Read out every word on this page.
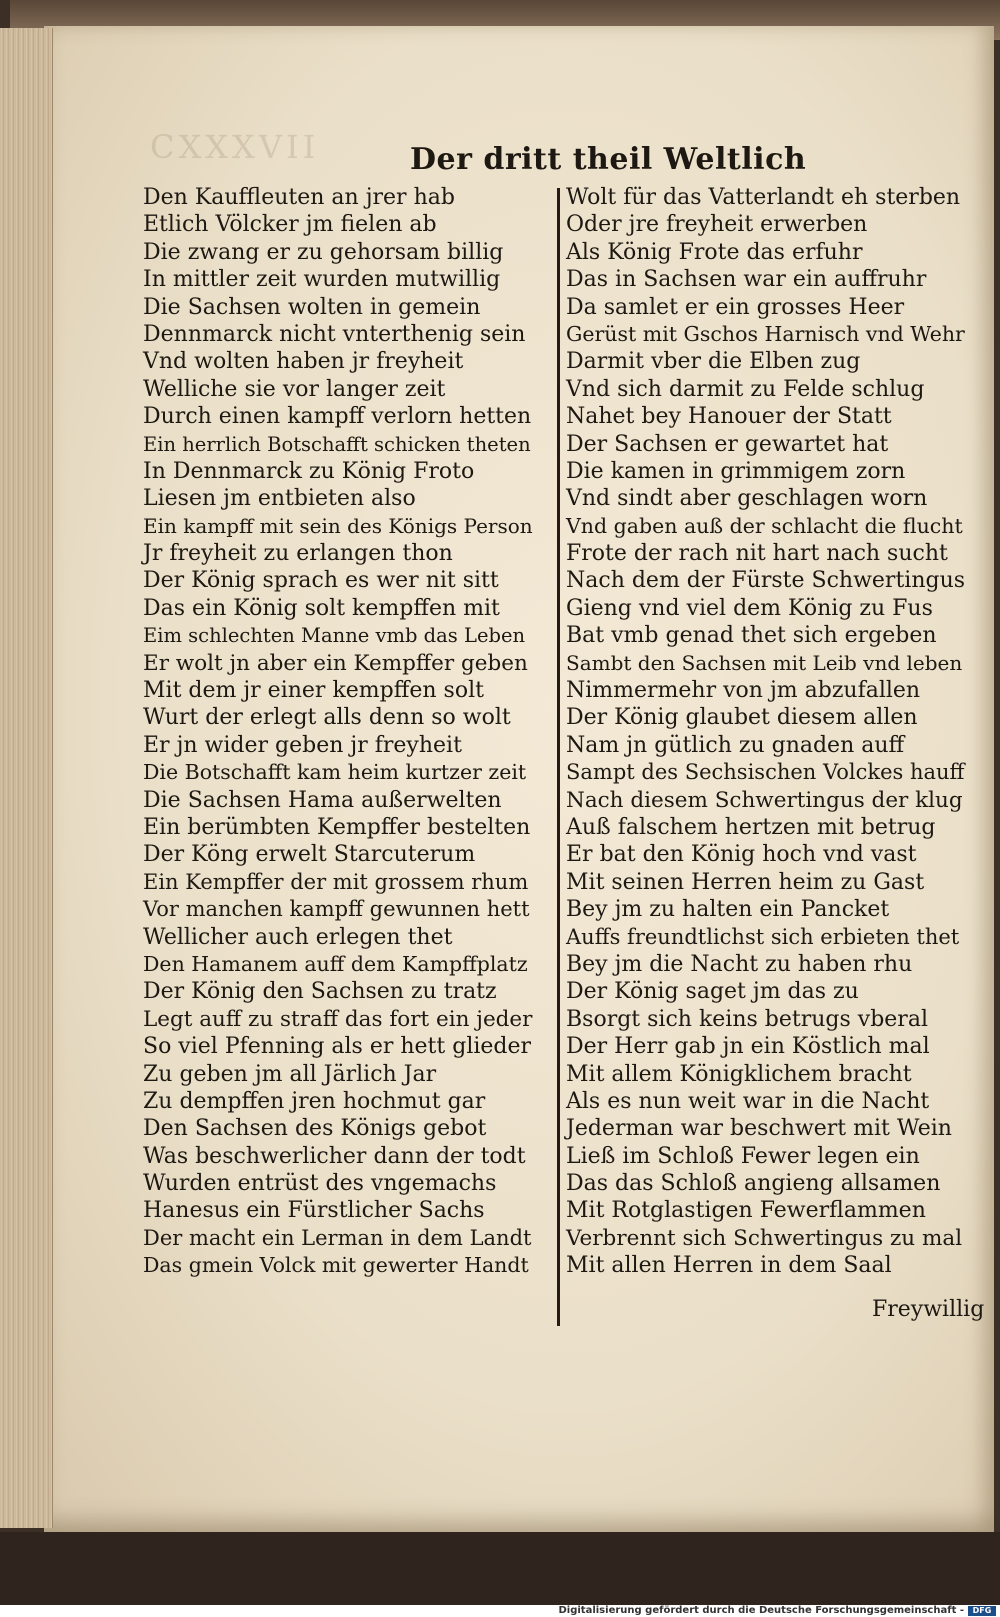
CXXXVII	Der dritt theil Weltlich
Den Kauffleuten an jrer hab
Etlich Völcker jm fielen ab
Die zwang er zu gehorsam billig
In mittler zeit wurden mutwillig
Die Sachsen wolten in gemein
Dennmarck nicht vnterthenig sein
Vnd wolten haben jr freyheit
Welliche sie vor langer zeit
Durch einen kampff verlorn hetten
Ein herrlich Botschafft schicken theten
In Dennmarck zu König Froto
Liesen jm entbieten also
Ein kampff mit sein des Königs Person
Jr freyheit zu erlangen thon
Der König sprach es wer nit sitt
Das ein König solt kempffen mit
Eim schlechten Manne vmb das Leben
Er wolt jn aber ein Kempffer geben
Mit dem jr einer kempffen solt
Wurt der erlegt alls denn so wolt
Er jn wider geben jr freyheit
Die Botschafft kam heim kurtzer zeit
Die Sachsen Hama außerwelten
Ein berümbten Kempffer bestelten
Der Köng erwelt Starcuterum
Ein Kempffer der mit grossem rhum
Vor manchen kampff gewunnen hett
Wellicher auch erlegen thet
Den Hamanem auff dem Kampffplatz
Der König den Sachsen zu tratz
Legt auff zu straff das fort ein jeder
So viel Pfenning als er hett glieder
Zu geben jm all Järlich Jar
Zu dempffen jren hochmut gar
Den Sachsen des Königs gebot
Was beschwerlicher dann der todt
Wurden entrüst des vngemachs
Hanesus ein Fürstlicher Sachs
Der macht ein Lerman in dem Landt
Das gmein Volck mit gewerter Handt
Wolt für das Vatterlandt eh sterben
Oder jre freyheit erwerben
Als König Frote das erfuhr
Das in Sachsen war ein auffruhr
Da samlet er ein grosses Heer
Gerüst mit Gschos Harnisch vnd Wehr
Darmit vber die Elben zug
Vnd sich darmit zu Felde schlug
Nahet bey Hanouer der Statt
Der Sachsen er gewartet hat
Die kamen in grimmigem zorn
Vnd sindt aber geschlagen worn
Vnd gaben auß der schlacht die flucht
Frote der rach nit hart nach sucht
Nach dem der Fürste Schwertingus
Gieng vnd viel dem König zu Fus
Bat vmb genad thet sich ergeben
Sambt den Sachsen mit Leib vnd leben
Nimmermehr von jm abzufallen
Der König glaubet diesem allen
Nam jn gütlich zu gnaden auff
Sampt des Sechsischen Volckes hauff
Nach diesem Schwertingus der klug
Auß falschem hertzen mit betrug
Er bat den König hoch vnd vast
Mit seinen Herren heim zu Gast
Bey jm zu halten ein Pancket
Auffs freundtlichst sich erbieten thet
Bey jm die Nacht zu haben rhu
Der König saget jm das zu
Bsorgt sich keins betrugs vberal
Der Herr gab jn ein Köstlich mal
Mit allem Königklichem bracht
Als es nun weit war in die Nacht
Jederman war beschwert mit Wein
Ließ im Schloß Fewer legen ein
Das das Schloß angieng allsamen
Mit Rotglastigen Fewerflammen
Verbrennt sich Schwertingus zu mal
Mit allen Herren in dem Saal
Freywillig
Digitalisierung gefördert durch die Deutsche Forschungsgemeinschaft -	DFG
